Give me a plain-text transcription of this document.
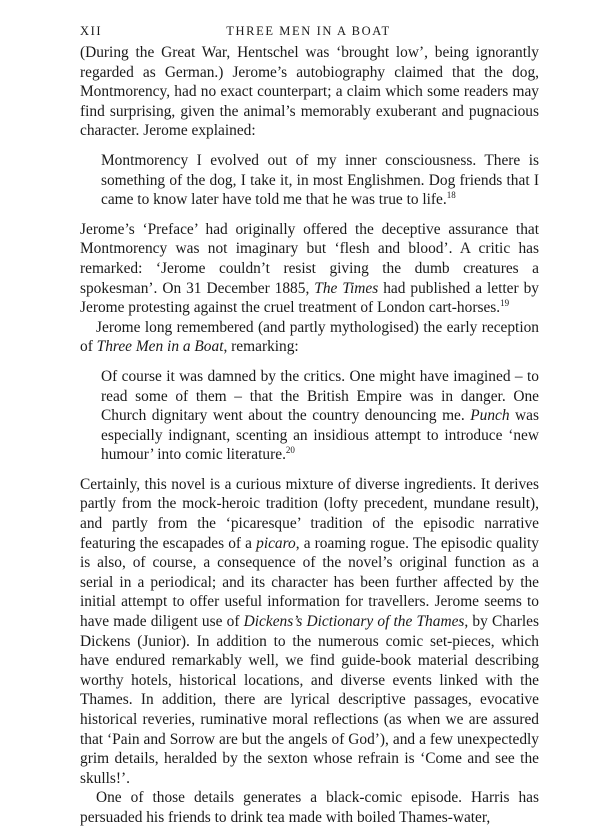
XII	THREE MEN IN A BOAT

(During the Great War, Hentschel was ‘brought low’, being ignorantly regarded as German.) Jerome’s autobiography claimed that the dog, Montmorency, had no exact counterpart; a claim which some readers may find surprising, given the animal’s memorably exuberant and pugnacious character. Jerome explained:

Montmorency I evolved out of my inner consciousness. There is something of the dog, I take it, in most Englishmen. Dog friends that I came to know later have told me that he was true to life.$^{18}$

Jerome’s ‘Preface’ had originally offered the deceptive assurance that Montmorency was not imaginary but ‘flesh and blood’. A critic has remarked: ‘Jerome couldn’t resist giving the dumb creatures a spokesman’. On 31 December 1885, The Times had published a letter by Jerome protesting against the cruel treatment of London cart-horses.$^{19}$

Jerome long remembered (and partly mythologised) the early reception of Three Men in a Boat, remarking:

Of course it was damned by the critics. One might have imagined – to read some of them – that the British Empire was in danger. One Church dignitary went about the country denouncing me. Punch was especially indignant, scenting an insidious attempt to introduce ‘new humour’ into comic literature.$^{20}$

Certainly, this novel is a curious mixture of diverse ingredients. It derives partly from the mock-heroic tradition (lofty precedent, mundane result), and partly from the ‘picaresque’ tradition of the episodic narrative featuring the escapades of a picaro, a roaming rogue. The episodic quality is also, of course, a consequence of the novel’s original function as a serial in a periodical; and its character has been further affected by the initial attempt to offer useful information for travellers. Jerome seems to have made diligent use of Dickens’s Dictionary of the Thames, by Charles Dickens (Junior). In addition to the numerous comic set-pieces, which have endured remarkably well, we find guide-book material describing worthy hotels, historical locations, and diverse events linked with the Thames. In addition, there are lyrical descriptive passages, evocative historical reveries, ruminative moral reflections (as when we are assured that ‘Pain and Sorrow are but the angels of God’), and a few unexpectedly grim details, heralded by the sexton whose refrain is ‘Come and see the skulls!’.

One of those details generates a black-comic episode. Harris has persuaded his friends to drink tea made with boiled Thames-water,
